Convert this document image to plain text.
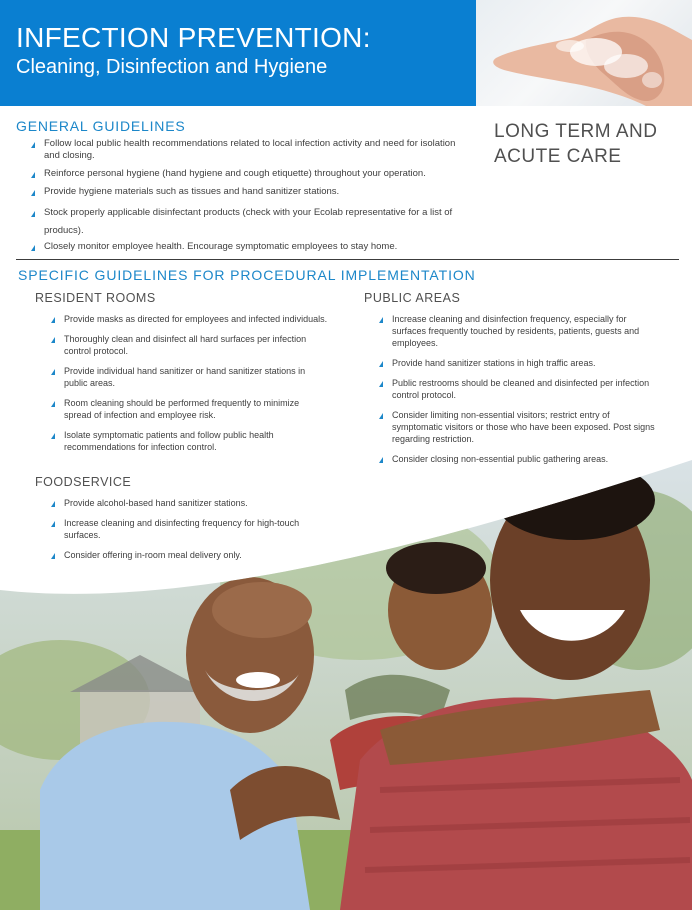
INFECTION PREVENTION:
Cleaning, Disinfection and Hygiene
GENERAL GUIDELINES	LONG TERM AND
ACUTE CARE
Follow local public health recommendations related to local infection activity and need for isolation and closing.
Reinforce personal hygiene (hand hygiene and cough etiquette) throughout your operation.
Provide hygiene materials such as tissues and hand sanitizer stations.
Stock properly applicable disinfectant products (check with your Ecolab representative for a list of producs).
Closely monitor employee health. Encourage symptomatic employees to stay home.
SPECIFIC GUIDELINES FOR PROCEDURAL IMPLEMENTATION
RESIDENT ROOMS
Provide masks as directed for employees and infected individuals.
Thoroughly clean and disinfect all hard surfaces per infection control protocol.
Provide individual hand sanitizer or hand sanitizer stations in public areas.
Room cleaning should be performed frequently to minimize spread of infection and employee risk.
Isolate symptomatic patients and follow public health recommendations for infection control.
FOODSERVICE
Provide alcohol-based hand sanitizer stations.
Increase cleaning and disinfecting frequency for high-touch surfaces.
Consider offering in-room meal delivery only.
PUBLIC AREAS
Increase cleaning and disinfection frequency, especially for surfaces frequently touched by residents, patients, guests and employees.
Provide hand sanitizer stations in high traffic areas.
Public restrooms should be cleaned and disinfected per infection control protocol.
Consider limiting non-essential visitors; restrict entry of symptomatic visitors or those who have been exposed. Post signs regarding restriction.
Consider closing non-essential public gathering areas.
